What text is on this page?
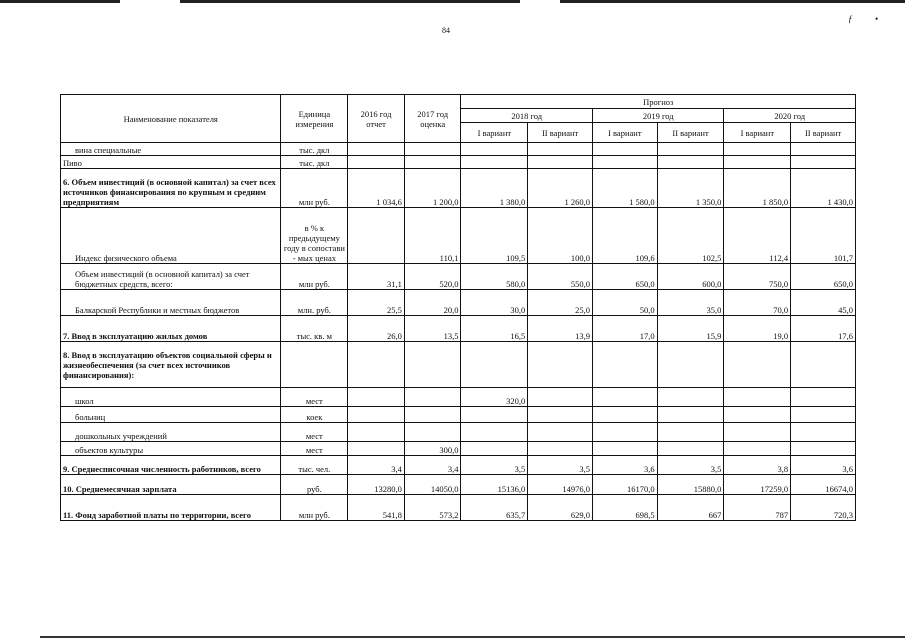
84
ƒ	•
Наименование показателя	Единица измерения	2016 год отчет	2017 год оценка	Прогноз					
				2018 год		2019 год		2020 год	
				I вариант	II вариант	I вариант	II вариант	I вариант	II вариант
вина специальные	тыс. дкл								
Пиво	тыс. дкл								
6. Объем инвестиций (в основной капитал) за счет всех источников финансирования по крупным и средним предприятиям	млн руб.	1 034,6	1 200,0	1 380,0	1 260,0	1 580,0	1 350,0	1 850,0	1 430,0
Индекс физического объема	в % к предыдущему году в сопостави - мых ценах		110,1	109,5	100,0	109,6	102,5	112,4	101,7
Объем инвестиций (в основной капитал) за счет бюджетных средств, всего:	млн руб.	31,1	520,0	580,0	550,0	650,0	600,0	750,0	650,0
Балкарской Республики и местных бюджетов	млн. руб.	25,5	20,0	30,0	25,0	50,0	35,0	70,0	45,0
7. Ввод в эксплуатацию жилых домов	тыс. кв. м	26,0	13,5	16,5	13,9	17,0	15,9	19,0	17,6
8. Ввод в эксплуатацию объектов социальной сферы и жизнеобеспечения (за счет всех источников финансирования):									
школ	мест			320,0					
больниц	коек								
дошкольных учреждений	мест								
объектов культуры	мест		300,0						
9. Среднесписочная численность работников, всего	тыс. чел.	3,4	3,4	3,5	3,5	3,6	3,5	3,8	3,6
10. Среднемесячная зарплата	руб.	13280,0	14050,0	15136,0	14976,0	16170,0	15880,0	17259,0	16674,0
11. Фонд заработной платы по территории, всего	млн руб.	541,8	573,2	635,7	629,0	698,5	667	787	720,3
